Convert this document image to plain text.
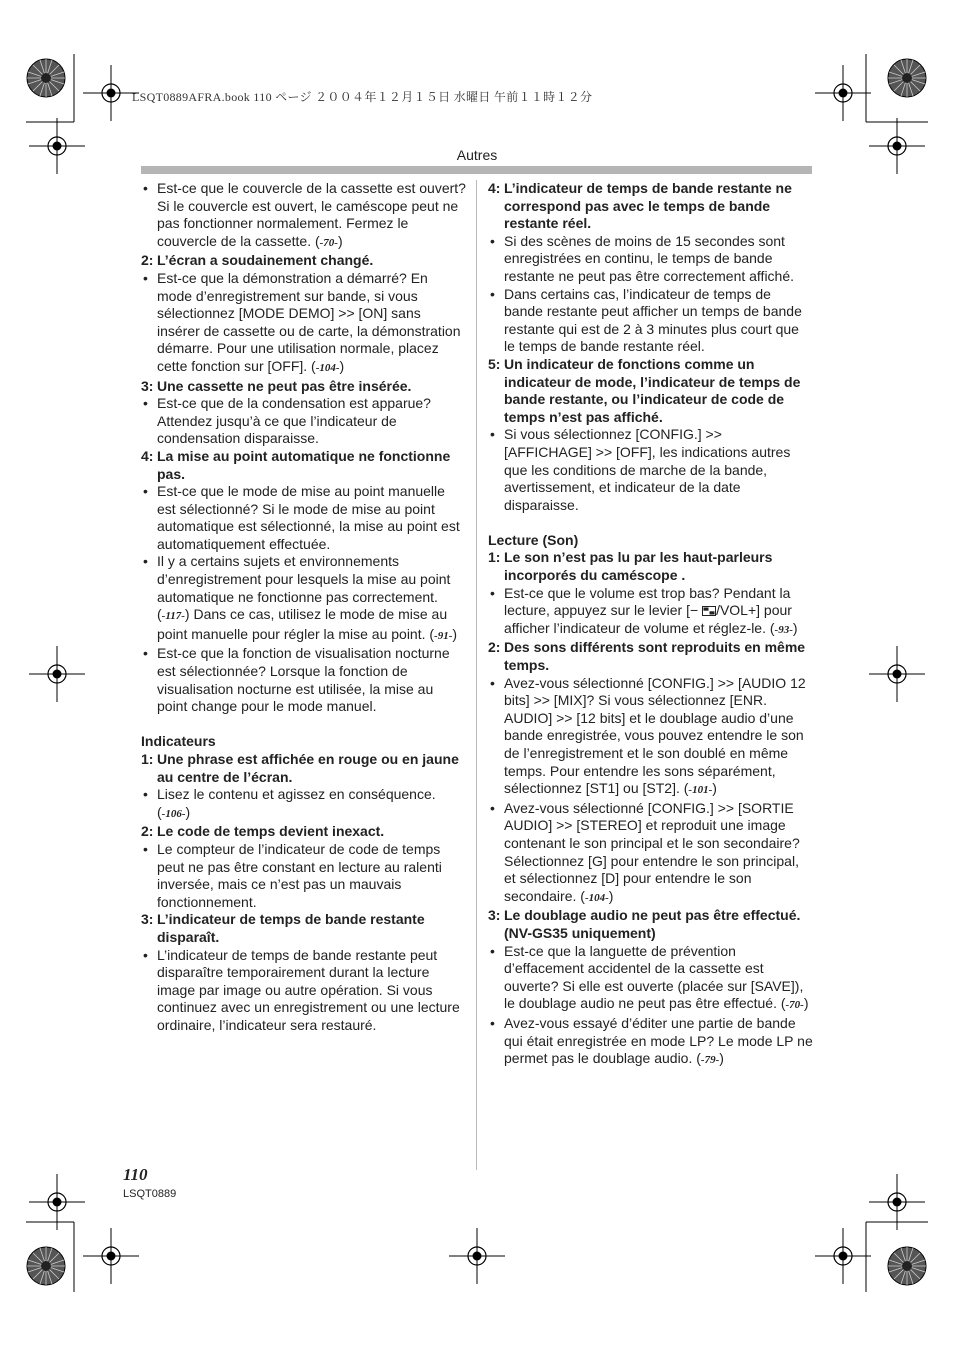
LSQT0889AFRA.book 110 ページ ２００４年１２月１５日 水曜日 午前１１時１２分
Autres
• Est-ce que le couvercle de la cassette est ouvert? Si le couvercle est ouvert, le caméscope peut ne pas fonctionner normalement. Fermez le couvercle de la cassette. (-70-)
2: L’écran a soudainement changé.
• Est-ce que la démonstration a démarré? En mode d’enregistrement sur bande, si vous sélectionnez [MODE DEMO] >> [ON] sans insérer de cassette ou de carte, la démonstration démarre. Pour une utilisation normale, placez cette fonction sur [OFF]. (-104-)
3: Une cassette ne peut pas être insérée.
• Est-ce que de la condensation est apparue? Attendez jusqu’à ce que l’indicateur de condensation disparaisse.
4: La mise au point automatique ne fonctionne pas.
• Est-ce que le mode de mise au point manuelle est sélectionné? Si le mode de mise au point automatique est sélectionné, la mise au point est automatiquement effectuée.
• Il y a certains sujets et environnements d’enregistrement pour lesquels la mise au point automatique ne fonctionne pas correctement. (-117-) Dans ce cas, utilisez le mode de mise au point manuelle pour régler la mise au point. (-91-)
• Est-ce que la fonction de visualisation nocturne est sélectionnée? Lorsque la fonction de visualisation nocturne est utilisée, la mise au point change pour le mode manuel.
Indicateurs
1: Une phrase est affichée en rouge ou en jaune au centre de l’écran.
• Lisez le contenu et agissez en conséquence. (-106-)
2: Le code de temps devient inexact.
• Le compteur de l’indicateur de code de temps peut ne pas être constant en lecture au ralenti inversée, mais ce n’est pas un mauvais fonctionnement.
3: L’indicateur de temps de bande restante disparaît.
• L’indicateur de temps de bande restante peut disparaître temporairement durant la lecture image par image ou autre opération. Si vous continuez avec un enregistrement ou une lecture ordinaire, l’indicateur sera restauré.
4: L’indicateur de temps de bande restante ne correspond pas avec le temps de bande restante réel.
• Si des scènes de moins de 15 secondes sont enregistrées en continu, le temps de bande restante ne peut pas être correctement affiché.
• Dans certains cas, l’indicateur de temps de bande restante peut afficher un temps de bande restante qui est de 2 à 3 minutes plus court que le temps de bande restante réel.
5: Un indicateur de fonctions comme un indicateur de mode, l’indicateur de temps de bande restante, ou l’indicateur de code de temps n’est pas affiché.
• Si vous sélectionnez [CONFIG.] >> [AFFICHAGE] >> [OFF], les indications autres que les conditions de marche de la bande, avertissement, et indicateur de la date disparaisse.
Lecture (Son)
1: Le son n’est pas lu par les haut-parleurs incorporés du caméscope .
• Est-ce que le volume est trop bas? Pendant la lecture, appuyez sur le levier [− /VOL+] pour afficher l’indicateur de volume et réglez-le. (-93-)
2: Des sons différents sont reproduits en même temps.
• Avez-vous sélectionné [CONFIG.] >> [AUDIO 12 bits] >> [MIX]? Si vous sélectionnez [ENR. AUDIO] >> [12 bits] et le doublage audio d’une bande enregistrée, vous pouvez entendre le son de l’enregistrement et le son doublé en même temps. Pour entendre les sons séparément, sélectionnez [ST1] ou [ST2]. (-101-)
• Avez-vous sélectionné [CONFIG.] >> [SORTIE AUDIO] >> [STEREO] et reproduit une image contenant le son principal et le son secondaire? Sélectionnez [G] pour entendre le son principal, et sélectionnez [D] pour entendre le son secondaire. (-104-)
3: Le doublage audio ne peut pas être effectué. (NV-GS35 uniquement)
• Est-ce que la languette de prévention d’effacement accidentel de la cassette est ouverte? Si elle est ouverte (placée sur [SAVE]), le doublage audio ne peut pas être effectué. (-70-)
• Avez-vous essayé d’éditer une partie de bande qui était enregistrée en mode LP? Le mode LP ne permet pas le doublage audio. (-79-)
110
LSQT0889
